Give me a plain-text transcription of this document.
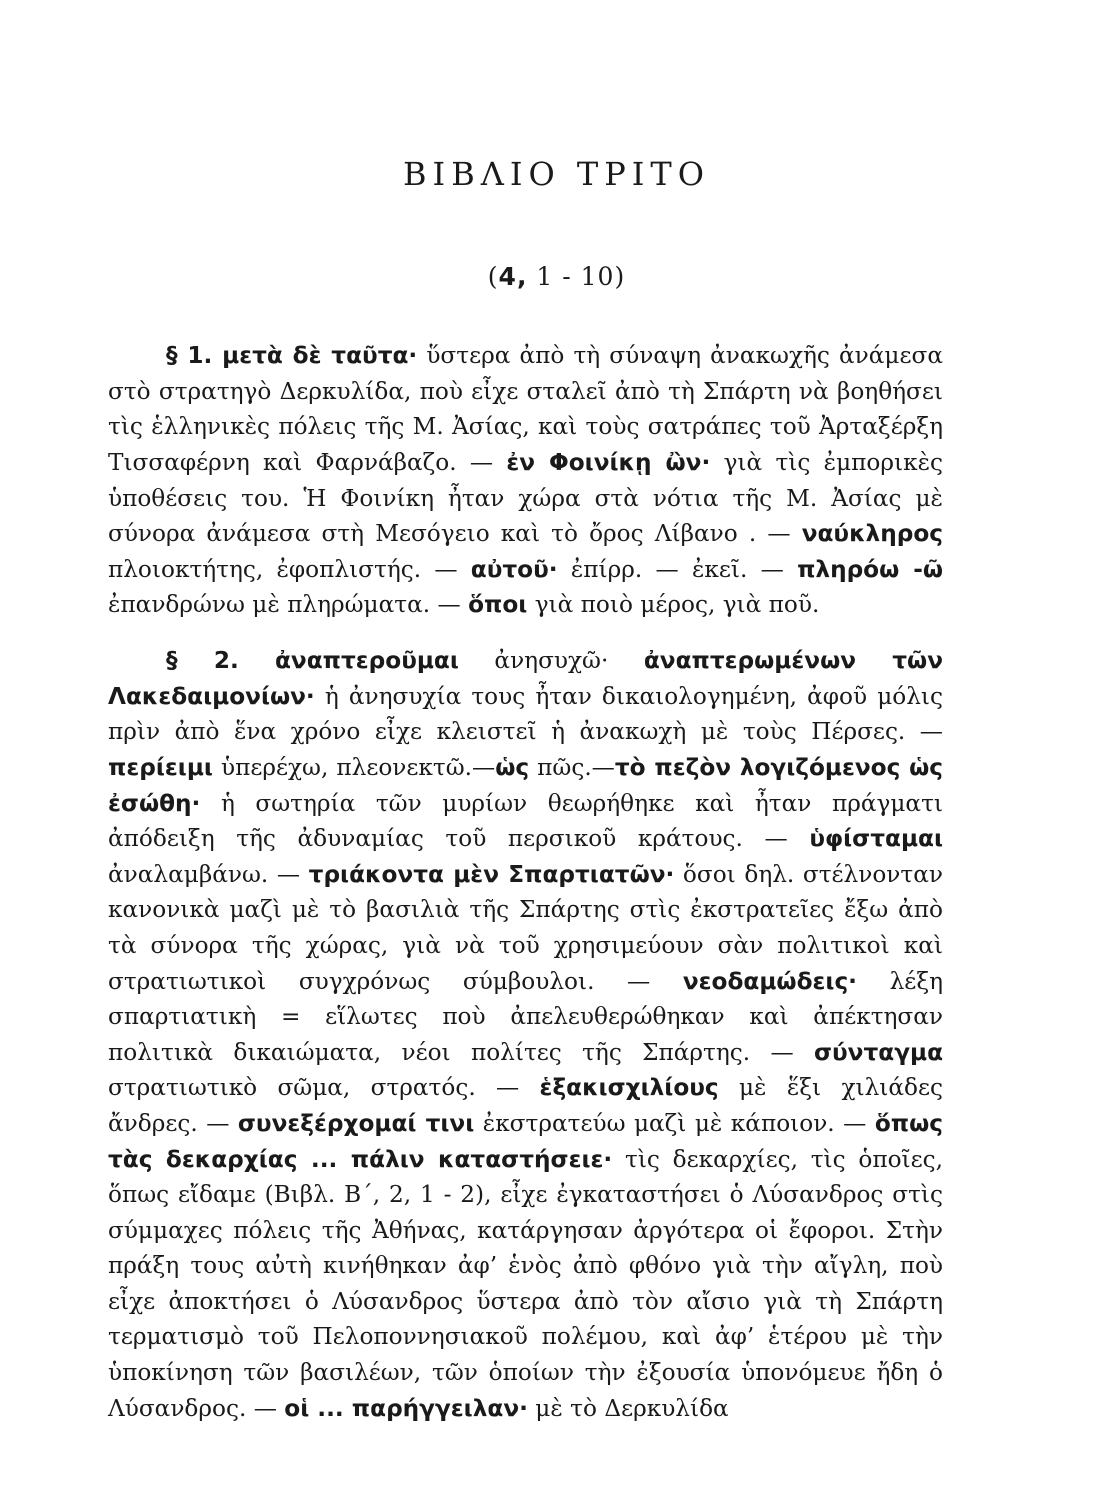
ΒΙΒΛΙΟ ΤΡΙΤΟ
(4, 1 - 10)

§ 1. μετὰ δὲ ταῦτα· ὕστερα ἀπὸ τὴ σύναψη ἀνακωχῆς ἀνάμεσα στὸ στρατηγὸ Δερκυλίδα, ποὺ εἶχε σταλεῖ ἀπὸ τὴ Σπάρτη νὰ βοηθήσει τὶς ἑλληνικὲς πόλεις τῆς Μ. Ἀσίας, καὶ τοὺς σατράπες τοῦ Ἀρταξέρξη Τισσαφέρνη καὶ Φαρνάβαζο. — ἐν Φοινίκῃ ὢν· γιὰ τὶς ἐμπορικὲς ὑποθέσεις του. Ἡ Φοινίκη ἦταν χώρα στὰ νότια τῆς Μ. Ἀσίας μὲ σύνορα ἀνάμεσα στὴ Μεσόγειο καὶ τὸ ὄρος Λίβανο . — ναύκληρος πλοιοκτήτης, ἐφοπλιστής. — αὐτοῦ· ἐπίρρ. — ἐκεῖ. — πληρόω -ῶ ἐπανδρώνω μὲ πληρώματα. — ὅποι γιὰ ποιὸ μέρος, γιὰ ποῦ.

§ 2. ἀναπτεροῦμαι ἀνησυχῶ· ἀναπτερωμένων τῶν Λακεδαιμονίων· ἡ ἀνησυχία τους ἦταν δικαιολογημένη, ἀφοῦ μόλις πρὶν ἀπὸ ἕνα χρόνο εἶχε κλειστεῖ ἡ ἀνακωχὴ μὲ τοὺς Πέρσες. — περίειμι ὑπερέχω, πλεονεκτῶ.—ὡς πῶς.—τὸ πεζὸν λογιζόμενος ὡς ἐσώθη· ἡ σωτηρία τῶν μυρίων θεωρήθηκε καὶ ἦταν πράγματι ἀπόδειξη τῆς ἀδυναμίας τοῦ περσικοῦ κράτους. — ὑφίσταμαι ἀναλαμβάνω. — τριάκοντα μὲν Σπαρτιατῶν· ὅσοι δηλ. στέλνονταν κανονικὰ μαζὶ μὲ τὸ βασιλιὰ τῆς Σπάρτης στὶς ἐκστρατεῖες ἔξω ἀπὸ τὰ σύνορα τῆς χώρας, γιὰ νὰ τοῦ χρησιμεύουν σὰν πολιτικοὶ καὶ στρατιωτικοὶ συγχρόνως σύμβουλοι. — νεοδαμώδεις· λέξη σπαρτιατικὴ = εἵλωτες ποὺ ἀπελευθερώθηκαν καὶ ἀπέκτησαν πολιτικὰ δικαιώματα, νέοι πολίτες τῆς Σπάρτης. — σύνταγμα στρατιωτικὸ σῶμα, στρατός. — ἑξακισχιλίους μὲ ἕξι χιλιάδες ἄνδρες. — συνεξέρχομαί τινι ἐκστρατεύω μαζὶ μὲ κάποιον. — ὅπως τὰς δεκαρχίας ... πάλιν καταστήσειε· τὶς δεκαρχίες, τὶς ὁποῖες, ὅπως εἴδαμε (Βιβλ. Β΄, 2, 1 - 2), εἶχε ἐγκαταστήσει ὁ Λύσανδρος στὶς σύμμαχες πόλεις τῆς Ἀθήνας, κατάργησαν ἀργότερα οἱ ἔφοροι. Στὴν πράξη τους αὐτὴ κινήθηκαν ἀφ’ ἑνὸς ἀπὸ φθόνο γιὰ τὴν αἴγλη, ποὺ εἶχε ἀποκτήσει ὁ Λύσανδρος ὕστερα ἀπὸ τὸν αἴσιο γιὰ τὴ Σπάρτη τερματισμὸ τοῦ Πελοποννησιακοῦ πολέμου, καὶ ἀφ’ ἑτέρου μὲ τὴν ὑποκίνηση τῶν βασιλέων, τῶν ὁποίων τὴν ἐξουσία ὑπονόμευε ἤδη ὁ Λύσανδρος. — οἱ ... παρήγγειλαν· μὲ τὸ Δερκυλίδα
